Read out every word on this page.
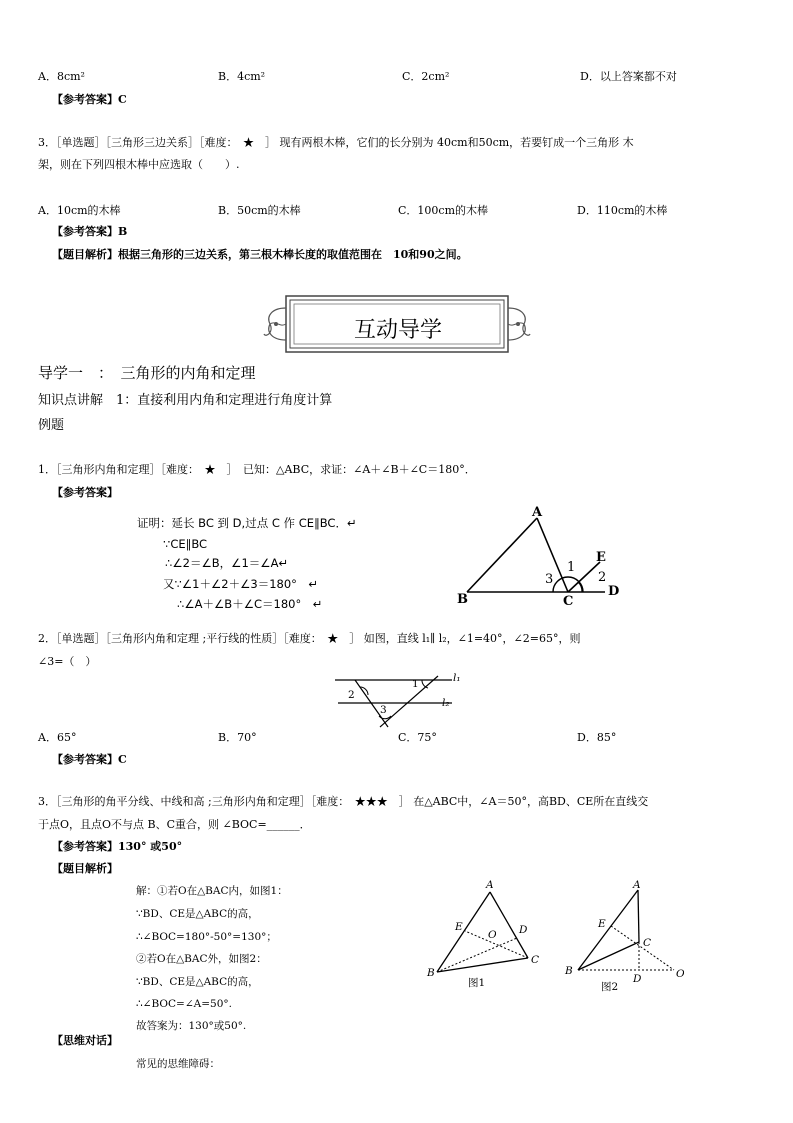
A．8cm²	B．4cm²	C．2cm²	D．以上答案都不对
【参考答案】C
3．［单选题］［三角形三边关系］［难度：　★　］ 现有两根木棒，它们的长分别为 40cm和50cm，若要钉成一个三角形 木
架，则在下列四根木棒中应选取（　　）.
A．10cm的木棒	B．50cm的木棒	C．100cm的木棒	D．110cm的木棒
【参考答案】B
【题目解析】根据三角形的三边关系，第三根木棒长度的取值范围在　10和90之间。
互动导学
导学一　：　三角形的内角和定理
知识点讲解　1：直接利用内角和定理进行角度计算
例题
1．［三角形内角和定理］［难度：　★　］　已知：△ABC，求证：∠A＋∠B＋∠C＝180°．
【参考答案】
证明：延长 BC 到 D,过点 C 作 CE∥BC．↵
∵CE∥BC
∴∠2＝∠B，∠1＝∠A↵
又∵∠1＋∠2＋∠3＝180°　↵
∴∠A＋∠B＋∠C＝180°　↵
A
B	C
D
E
1
2
3
2．［单选题］［三角形内角和定理 ;平行线的性质］［难度：　★　］ 如图，直线 l₁∥ l₂，∠1=40°，∠2=65°，则
∠3=（　）
l₁
l₂
1
2
3
A．65°	B．70°	C．75°	D．85°
【参考答案】C
3．［三角形的角平分线、中线和高 ;三角形内角和定理］［难度：　★★★　］ 在△ABC中，∠A＝50°，高BD、CE所在直线交
于点O，且点O不与点 B、C重合，则 ∠BOC=______．
【参考答案】130° 或50°
【题目解析】
解：①若O在△BAC内，如图1：
∵BD、CE是△ABC的高，
∴∠BOC=180°-50°=130°；
②若O在△BAC外，如图2：
∵BD、CE是△ABC的高，
∴∠BOC=∠A=50°.
故答案为：130°或50°.
A
B
C
D
E
O
图1
A
B
C
D
E
O
图2
【思维对话】
常见的思维障碍：
